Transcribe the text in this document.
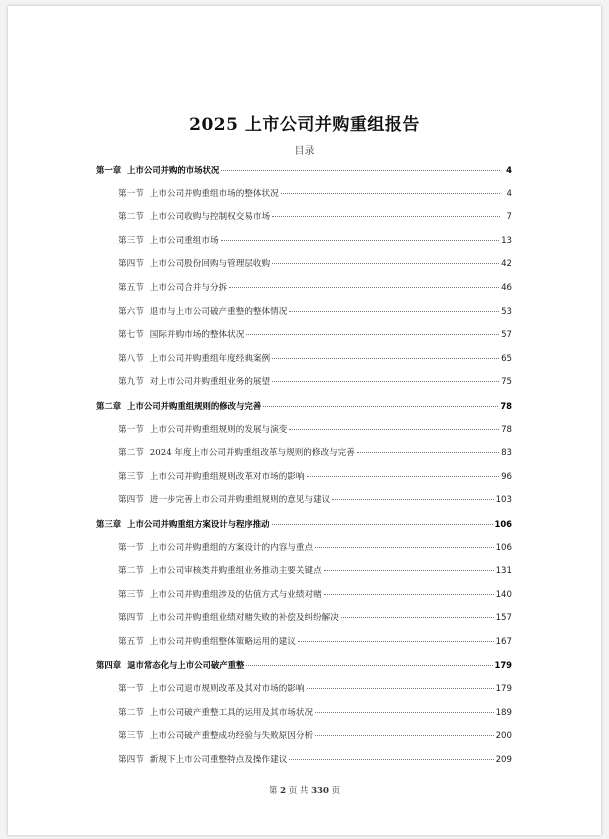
2025 上市公司并购重组报告
目录
第一章 上市公司并购的市场状况	4
第一节 上市公司并购重组市场的整体状况	4
第二节 上市公司收购与控制权交易市场	7
第三节 上市公司重组市场	13
第四节 上市公司股份回购与管理层收购	42
第五节 上市公司合并与分拆	46
第六节 退市与上市公司破产重整的整体情况	53
第七节 国际并购市场的整体状况	57
第八节 上市公司并购重组年度经典案例	65
第九节 对上市公司并购重组业务的展望	75
第二章 上市公司并购重组规则的修改与完善	78
第一节 上市公司并购重组规则的发展与演变	78
第二节 2024 年度上市公司并购重组改革与规则的修改与完善	83
第三节 上市公司并购重组规则改革对市场的影响	96
第四节 进一步完善上市公司并购重组规则的意见与建议	103
第三章 上市公司并购重组方案设计与程序推动	106
第一节 上市公司并购重组的方案设计的内容与重点	106
第二节 上市公司审核类并购重组业务推动主要关键点	131
第三节 上市公司并购重组涉及的估值方式与业绩对赌	140
第四节 上市公司并购重组业绩对赌失败的补偿及纠纷解决	157
第五节 上市公司并购重组整体策略运用的建议	167
第四章 退市常态化与上市公司破产重整	179
第一节 上市公司退市规则改革及其对市场的影响	179
第二节 上市公司破产重整工具的运用及其市场状况	189
第三节 上市公司破产重整成功经验与失败原因分析	200
第四节 新规下上市公司重整特点及操作建议	209
第 2 页 共 330 页
